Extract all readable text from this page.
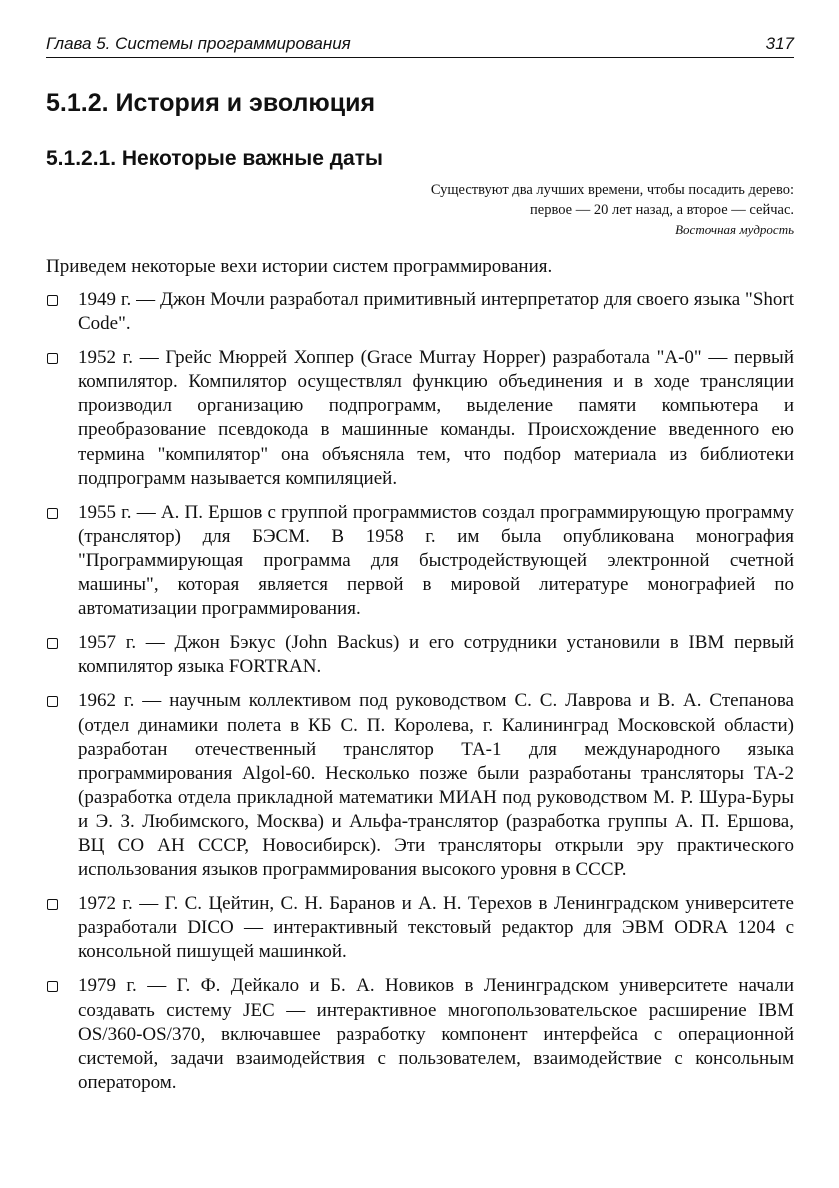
Глава 5. Системы программирования	317
5.1.2. История и эволюция
5.1.2.1. Некоторые важные даты
Существуют два лучших времени, чтобы посадить дерево:
первое — 20 лет назад, а второе — сейчас.
Восточная мудрость

Приведем некоторые вехи истории систем программирования.

1949 г. — Джон Мочли разработал примитивный интерпретатор для своего языка "Short Code".
1952 г. — Грейс Мюррей Хоппер (Grace Murray Hopper) разработала "A-0" — первый компилятор. Компилятор осуществлял функцию объединения и в ходе трансляции производил организацию подпрограмм, выделение памяти компьютера и преобразование псевдокода в машинные команды. Происхождение введенного ею термина "компилятор" она объясняла тем, что подбор материала из библиотеки подпрограмм называется компиляцией.
1955 г. — А. П. Ершов с группой программистов создал программирующую программу (транслятор) для БЭСМ. В 1958 г. им была опубликована монография "Программирующая программа для быстродействующей электронной счетной машины", которая является первой в мировой литературе монографией по автоматизации программирования.
1957 г. — Джон Бэкус (John Backus) и его сотрудники установили в IBM первый компилятор языка FORTRAN.
1962 г. — научным коллективом под руководством С. С. Лаврова и В. А. Степанова (отдел динамики полета в КБ С. П. Королева, г. Калининград Московской области) разработан отечественный транслятор ТА-1 для международного языка программирования Algol-60. Несколько позже были разработаны трансляторы ТА-2 (разработка отдела прикладной математики МИАН под руководством М. Р. Шура-Буры и Э. З. Любимского, Москва) и Альфа-транслятор (разработка группы А. П. Ершова, ВЦ СО АН СССР, Новосибирск). Эти трансляторы открыли эру практического использования языков программирования высокого уровня в СССР.
1972 г. — Г. С. Цейтин, С. Н. Баранов и А. Н. Терехов в Ленинградском университете разработали DICO — интерактивный текстовый редактор для ЭВМ ODRA 1204 с консольной пишущей машинкой.
1979 г. — Г. Ф. Дейкало и Б. А. Новиков в Ленинградском университете начали создавать систему JEC — интерактивное многопользовательское расширение IBM OS/360-OS/370, включавшее разработку компонент интерфейса с операционной системой, задачи взаимодействия с пользователем, взаимодействие с консольным оператором.
